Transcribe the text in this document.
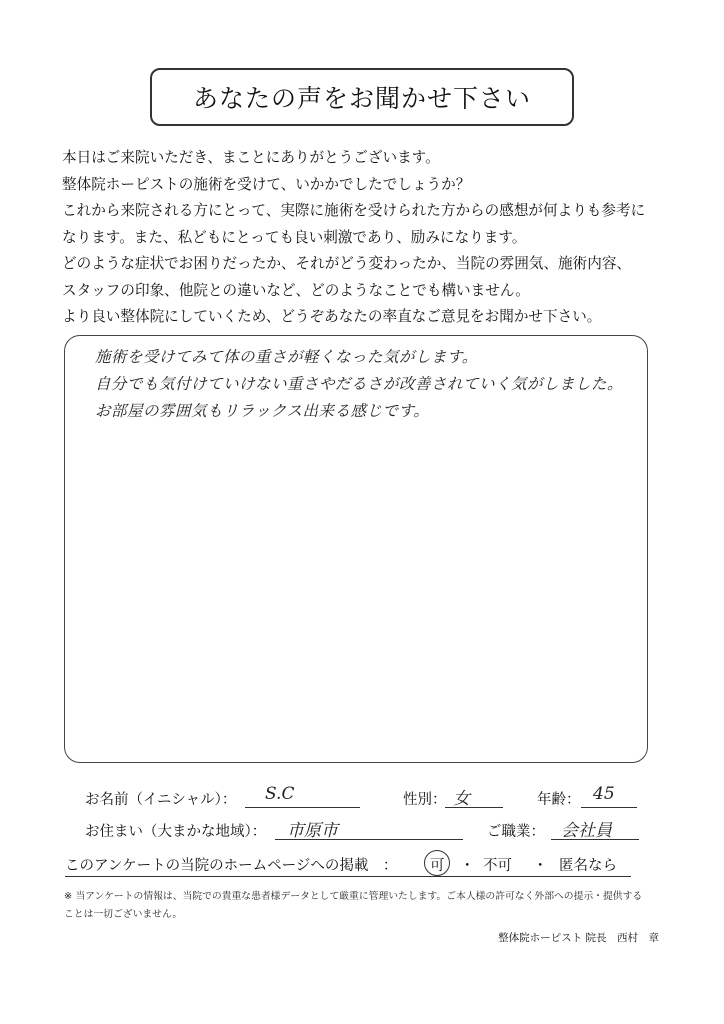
あなたの声をお聞かせ下さい
本日はご来院いただき、まことにありがとうございます。
整体院ホーピストの施術を受けて、いかかでしたでしょうか？
これから来院される方にとって、実際に施術を受けられた方からの感想が何よりも参考に
なります。また、私どもにとっても良い刺激であり、励みになります。
どのような症状でお困りだったか、それがどう変わったか、当院の雰囲気、施術内容、
スタッフの印象、他院との違いなど、どのようなことでも構いません。
より良い整体院にしていくため、どうぞあなたの率直なご意見をお聞かせ下さい。
施術を受けてみて体の重さが軽くなった気がします。
自分でも気付けていけない重さやだるさが改善されていく気がしました。
お部屋の雰囲気もリラックス出来る感じです。
お名前（イニシャル）： S.C	性別： 女	年齢： 45
お住まい（大まかな地域）： 市原市	ご職業： 会社員
このアンケートの当院のホームページへの掲載　： 可 ・ 不可 ・ 匿名なら
※ 当アンケートの情報は、当院での貴重な患者様データとして厳重に管理いたします。ご本人様の許可なく外部への提示・提供する
ことは一切ございません。
整体院ホーピスト 院長　西村　章
